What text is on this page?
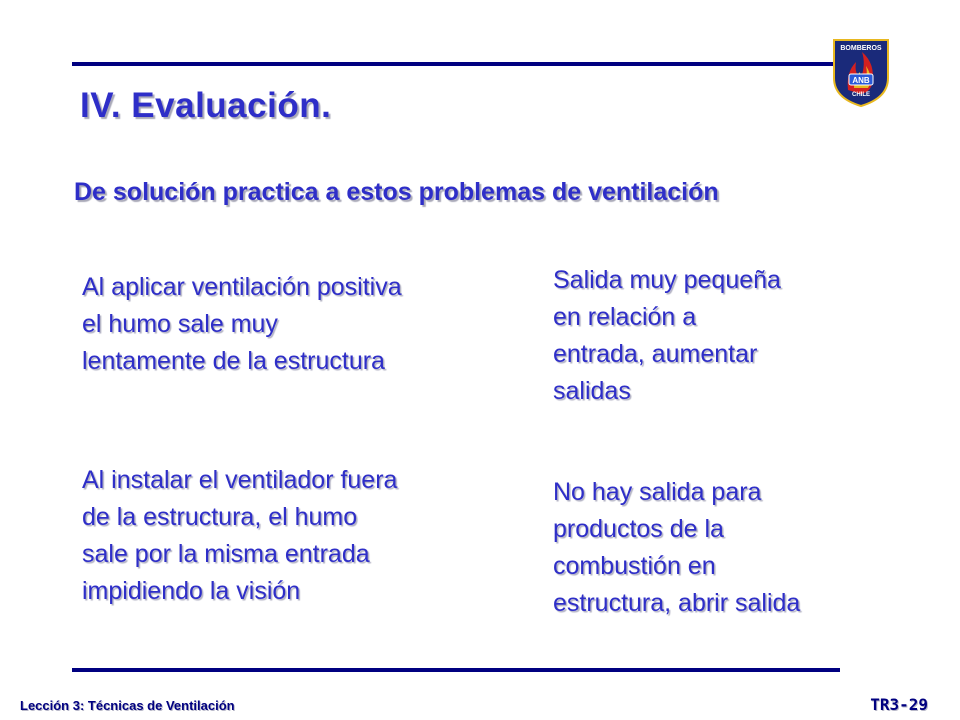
BOMBEROS
ANB
CHILE
IV. Evaluación.
De solución practica a estos problemas de ventilación
Al aplicar ventilación positiva
el humo sale muy
lentamente de la estructura
Salida muy pequeña
en relación a
entrada, aumentar
salidas
Al instalar el ventilador fuera
de la estructura, el humo
sale por la misma entrada
impidiendo la visión
No hay salida para
productos de la
combustión en
estructura, abrir salida
Lección 3: Técnicas de Ventilación	TR3-29
